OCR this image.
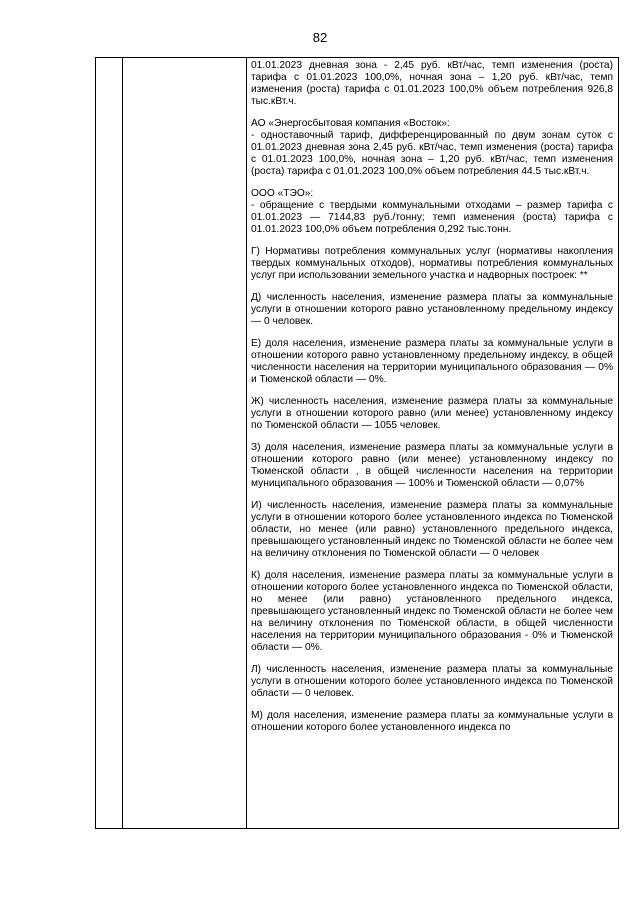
82

01.01.2023 дневная зона - 2,45 руб. кВт/час, темп изменения (роста) тарифа с 01.01.2023 100,0%, ночная зона – 1,20 руб. кВт/час, темп изменения (роста) тарифа с 01.01.2023 100,0% объем потребления 926,8 тыс.кВт.ч.

АО «Энергосбытовая компания «Восток»:

- одноставочный тариф, дифференцированный по двум зонам суток с 01.01.2023 дневная зона 2,45 руб. кВт/час, темп изменения (роста) тарифа с 01.01.2023 100,0%, ночная зона – 1,20 руб. кВт/час, темп изменения (роста) тарифа с 01.01.2023 100,0% объем потребления 44.5 тыс.кВт.ч.

ООО «ТЭО»:

- обращение с твердыми коммунальными отходами – размер тарифа с 01.01.2023 — 7144,83 руб./тонну; темп изменения (роста) тарифа с 01.01.2023 100,0% объем потребления 0,292 тыс.тонн.

Г) Нормативы потребления коммунальных услуг (нормативы накопления твердых коммунальных отходов), нормативы потребления коммунальных услуг при использовании земельного участка и надворных построек: **

Д) численность населения, изменение размера платы за коммунальные услуги в отношении которого равно установленному предельному индексу — 0 человек.

Е) доля населения, изменение размера платы за коммунальные услуги в отношении которого равно установленному предельному индексу, в общей численности населения на территории муниципального образования — 0% и Тюменской области — 0%.

Ж) численность населения, изменение размера платы за коммунальные услуги в отношении которого равно (или менее) установленному индексу по Тюменской области — 1055 человек.

З) доля населения, изменение размера платы за коммунальные услуги в отношении которого равно (или менее) установленному индексу по Тюменской области , в общей численности населения на территории муниципального образования — 100% и Тюменской области — 0,07%

И) численность населения, изменение размера платы за коммунальные услуги в отношении которого более установленного индекса по Тюменской области, но менее (или равно) установленного предельного индекса, превышающего установленный индекс по Тюменской области не более чем на величину отклонения по Тюменской области — 0 человек

К) доля населения, изменение размера платы за коммунальные услуги в отношении которого более установленного индекса по Тюменской области, но менее (или равно) установленного предельного индекса, превышающего установленный индекс по Тюменской области не более чем на величину отклонения по Тюменской области, в общей численности населения на территории муниципального образования - 0% и Тюменской области — 0%.

Л) численность населения, изменение размера платы за коммунальные услуги в отношении которого более установленного индекса по Тюменской области — 0 человек.

М) доля населения, изменение размера платы за коммунальные услуги в отношении которого более установленного индекса по
